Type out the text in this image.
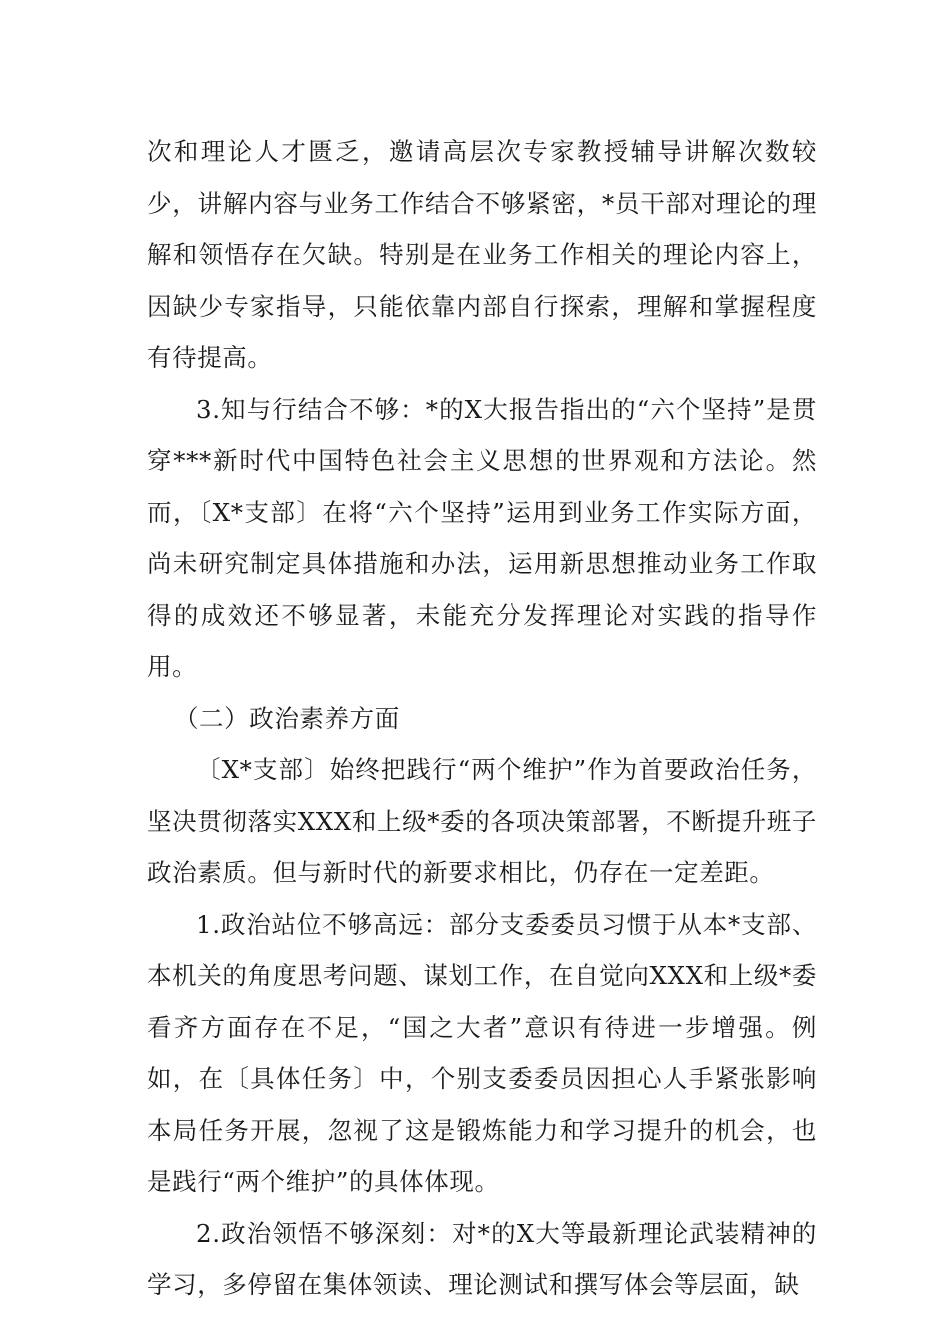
次和理论人才匮乏，邀请高层次专家教授辅导讲解次数较少，讲解内容与业务工作结合不够紧密，*员干部对理论的理解和领悟存在欠缺。特别是在业务工作相关的理论内容上，因缺少专家指导，只能依靠内部自行探索，理解和掌握程度有待提高。

3.知与行结合不够：*的X大报告指出的“六个坚持”是贯穿***新时代中国特色社会主义思想的世界观和方法论。然而，〔X*支部〕在将“六个坚持”运用到业务工作实际方面，尚未研究制定具体措施和办法，运用新思想推动业务工作取得的成效还不够显著，未能充分发挥理论对实践的指导作用。

（二）政治素养方面

〔X*支部〕始终把践行“两个维护”作为首要政治任务，坚决贯彻落实XXX和上级*委的各项决策部署，不断提升班子政治素质。但与新时代的新要求相比，仍存在一定差距。

1.政治站位不够高远：部分支委委员习惯于从本*支部、本机关的角度思考问题、谋划工作，在自觉向XXX和上级*委看齐方面存在不足，“国之大者”意识有待进一步增强。例如，在〔具体任务〕中，个别支委委员因担心人手紧张影响本局任务开展，忽视了这是锻炼能力和学习提升的机会，也是践行“两个维护”的具体体现。

2.政治领悟不够深刻：对*的X大等最新理论武装精神的学习，多停留在集体领读、理论测试和撰写体会等层面，缺
